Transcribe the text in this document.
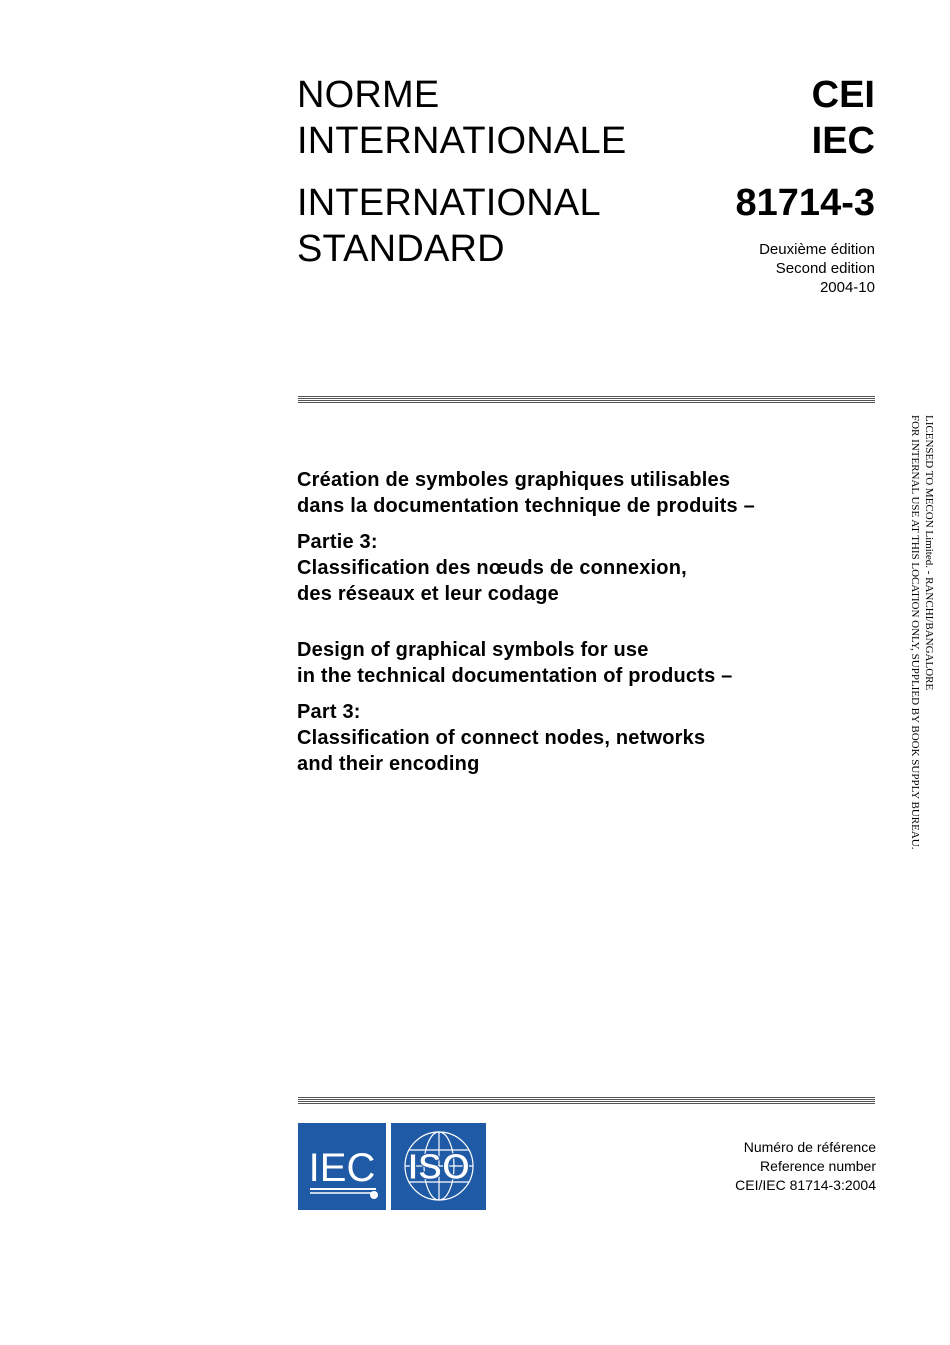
NORME
INTERNATIONALE
INTERNATIONAL
STANDARD
CEI
IEC
81714-3
Deuxième édition
Second edition
2004-10
Création de symboles graphiques utilisables
dans la documentation technique de produits –
Partie 3:
Classification des nœuds de connexion,
des réseaux et leur codage
Design of graphical symbols for use
in the technical documentation of products –
Part 3:
Classification of connect nodes, networks
and their encoding
LICENSED TO MECON Limited. - RANCHI/BANGALORE
FOR INTERNAL USE AT THIS LOCATION ONLY, SUPPLIED BY BOOK SUPPLY BUREAU.
IEC ISO	Numéro de référence
Reference number
CEI/IEC 81714-3:2004
